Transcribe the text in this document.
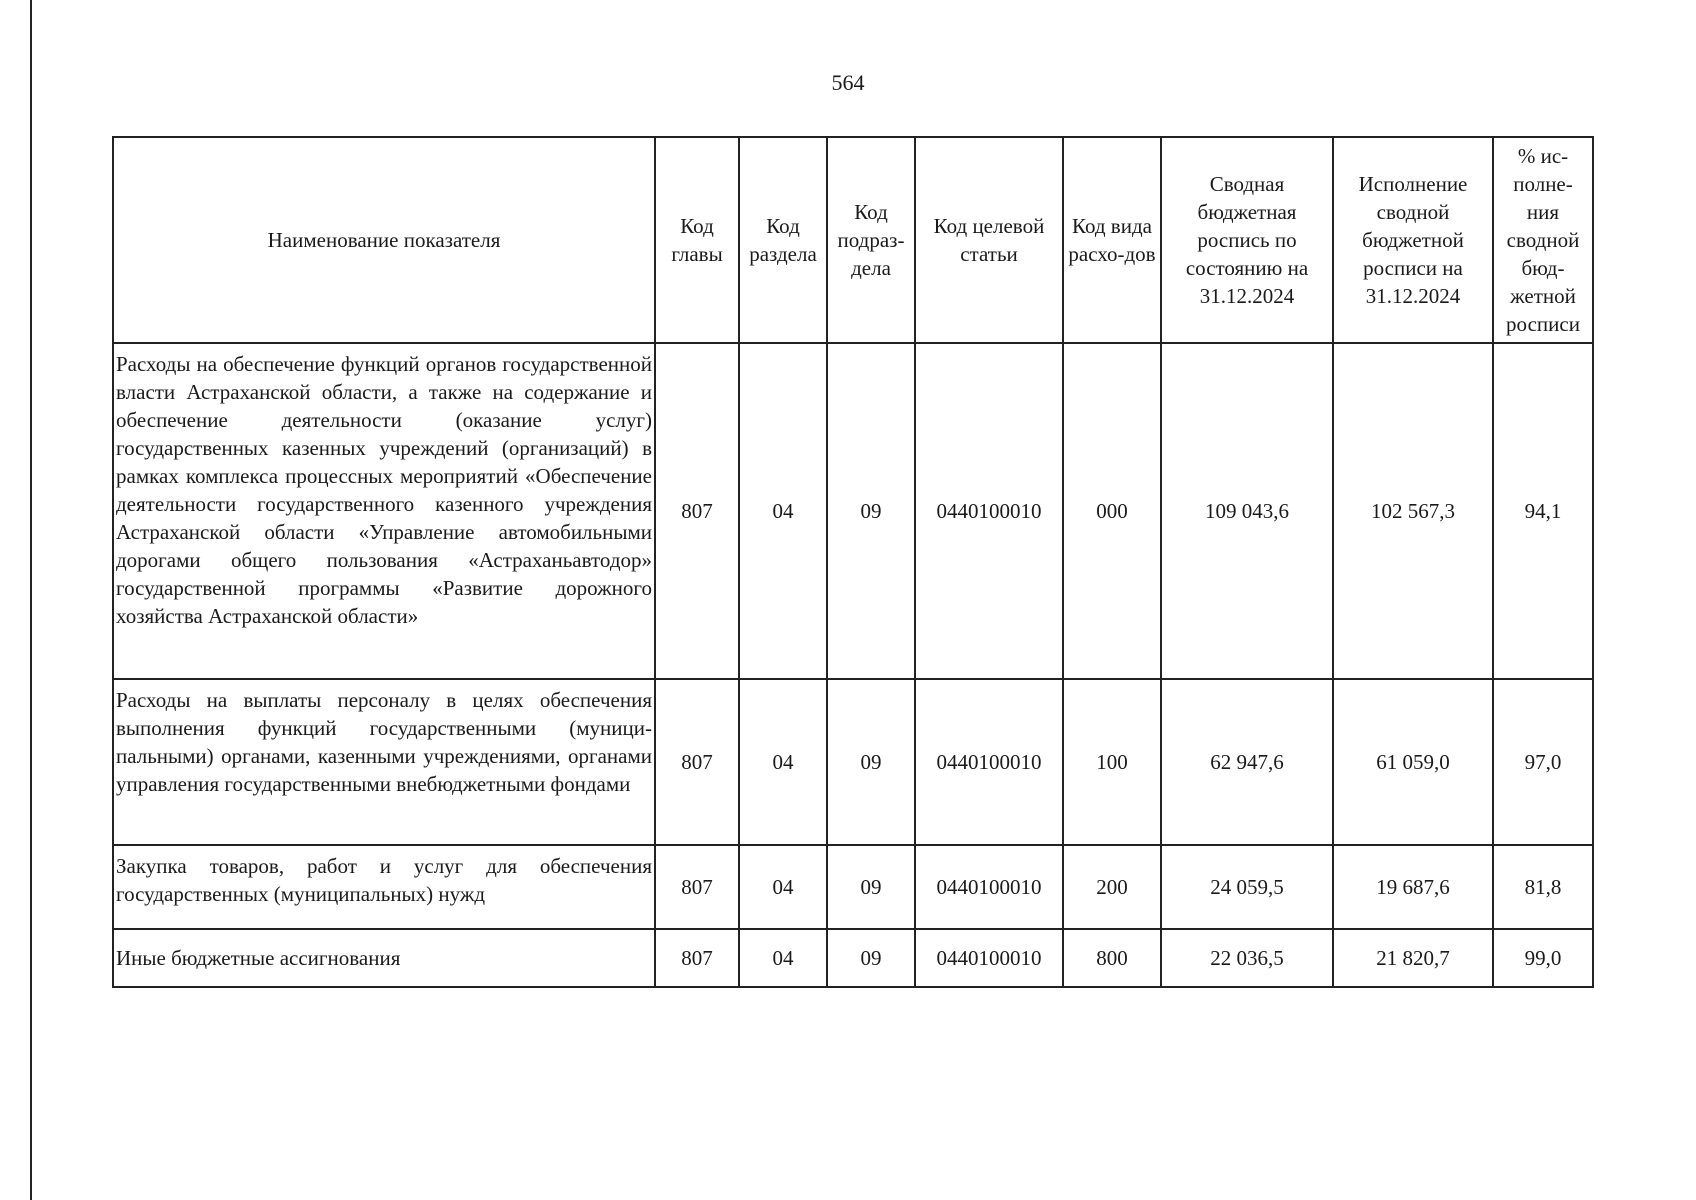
564
Наименование показателя	Код главы	Код раздела	Код подраз-дела	Код целевой статьи	Код вида расхо-дов	Сводная бюджетная роспись по состоянию на 31.12.2024	Исполнение сводной бюджетной росписи на 31.12.2024	% ис-полне-ния сводной бюд-жетной росписи
Расходы на обеспечение функций органов государственной власти Астраханской области, а также на содержание и обеспечение деятельности (оказание услуг) государственных казенных учреждений (организаций) в рамках комплекса процессных мероприятий «Обеспечение деятельности государственного казенного учреждения Астраханской области «Управление автомобильными дорогами общего пользования «Астраханьавтодор» государственной программы «Развитие дорожного хозяйства Астраханской области»	807	04	09	0440100010	000	109 043,6	102 567,3	94,1
Расходы на выплаты персоналу в целях обеспечения выполнения функций государственными (муниципальными) органами, казенными учреждениями, органами управления государственными внебюджетными фондами	807	04	09	0440100010	100	62 947,6	61 059,0	97,0
Закупка товаров, работ и услуг для обеспечения государственных (муниципальных) нужд	807	04	09	0440100010	200	24 059,5	19 687,6	81,8
Иные бюджетные ассигнования	807	04	09	0440100010	800	22 036,5	21 820,7	99,0
